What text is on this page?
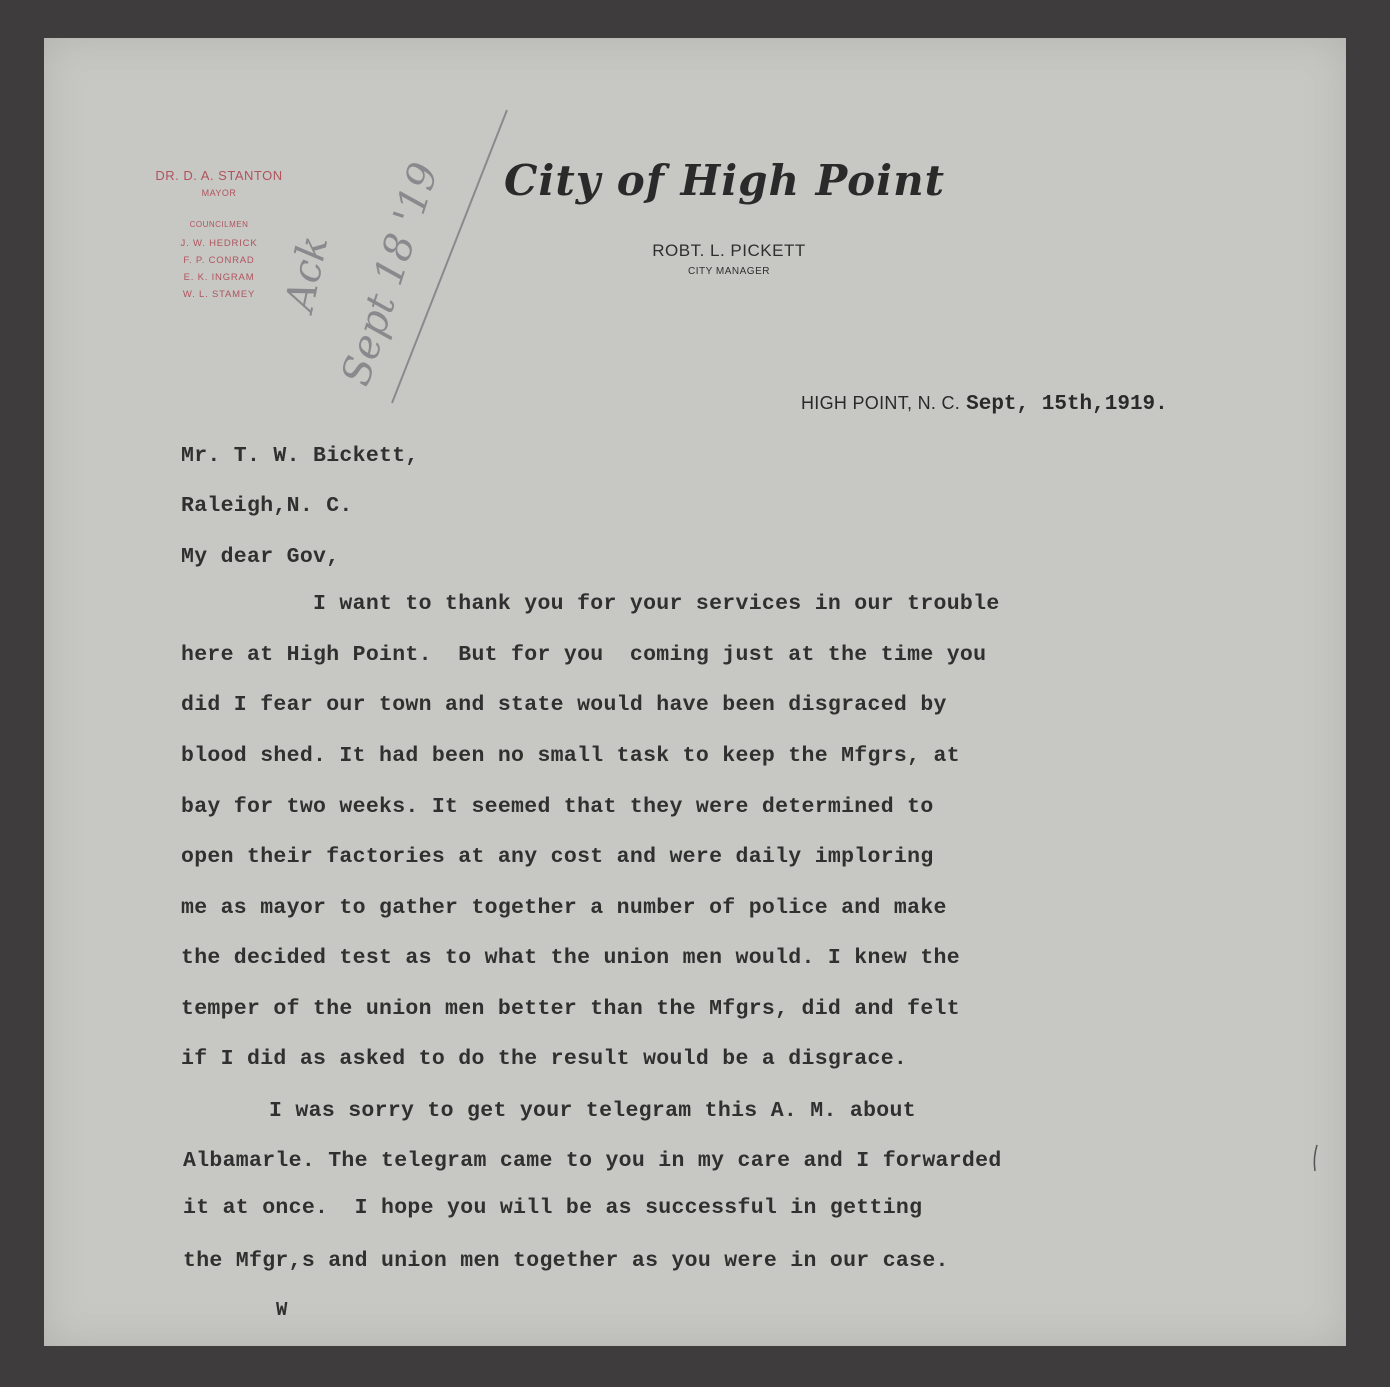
DR. D. A. STANTON
MAYOR
COUNCILMEN
J. W. HEDRICK
F. P. CONRAD
E. K. INGRAM
W. L. STAMEY Ack
Sept 18 '19 City of High Point
ROBT. L. PICKETT
CITY MANAGER
HIGH POINT, N. C. Sept, 15th,1919.
Mr. T. W. Bickett,
Raleigh,N. C.
My dear Gov,
I want to thank you for your services in our trouble
here at High Point.  But for you  coming just at the time you
did I fear our town and state would have been disgraced by
blood shed. It had been no small task to keep the Mfgrs, at
bay for two weeks. It seemed that they were determined to
open their factories at any cost and were daily imploring
me as mayor to gather together a number of police and make
the decided test as to what the union men would. I knew the
temper of the union men better than the Mfgrs, did and felt
if I did as asked to do the result would be a disgrace.
I was sorry to get your telegram this A. M. about
Albamarle. The telegram came to you in my care and I forwarded
it at once.  I hope you will be as successful in getting
the Mfgr,s and union men together as you were in our case.
W
